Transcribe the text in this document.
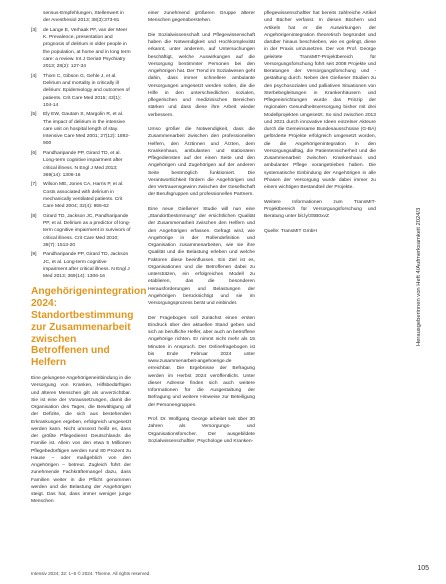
Herausgeberinnen von Heft 4/Aufmerksamkeit 2024/3
sensus-Empfehlungen, Stellenwert in der Anesthesiol 2013; 38(3):373-81
[3]	de Lange E, Verhaak PF, van der Meer K. Prevalence, presentation and prognosis of delirium in older people in the population, at home and in long term care: a review. Int J Geriatr Psychiatry 2013; 28(2): 127-34
[4]	Thom C, Gibson G, Gehle J, et al. Delirium and mortality in critically ill delirium: Epidemiology and outcomes of patients. Crit Care Med 2015; 43(1): 104-14
[5]	Ely EW, Gautam S, Margolin R, et al. The impact of delirium in the intensive care unit on hospital length of stay. Intensive Care Med 2001; 27(12): 1892-900
[6]	Pandharipande PP, Girard TD, et al. Long-term cognitive impairment after critical illness. N Engl J Med 2013; 369(14): 1306-16
[7]	Wilson ME, Jones CA, Harris P, et al. Costs associated with delirium in mechanically ventilated patients. Crit Care Med 2004; 32(4): 955-62
[8]	Girard TD, Jackson JC, Pandharipande PP, et al. Delirium as a predictor of long-term cognitive impairment in survivors of critical illness. Crit Care Med 2010; 38(7): 1513-20
[9]	Pandharipande PP, Girard TD, Jackson JC, et al. Long-term cognitive impairment after critical illness. N Engl J Med 2013; 369(14): 1306-16
Angehörigenintegration 2024: Standortbestimmung zur Zusammenarbeit zwischen Betroffenen und Helfern

Eine gelungene Angehörigeneinbindung in die Versorgung von Kranken, Hilfsbedürftigen und älteren Menschen gilt als unverzichtbar. Sie ist eine der Voraussetzungen, damit die Organisation des Tages, die Bewältigung all der Defizite, die sich aus bestehenden Erkrankungen ergeben, erfolgreich umgesetzt werden kann. Nicht umsonst heißt es, dass der größte Pflegedienst Deutschlands die Familie ist. Allein von den etwa 5 Millionen Pflegebedürftigen werden rund 80 Prozent zu Hause – oder maßgeblich von den Angehörigen – betreut. Zugleich führt der zunehmende Fachkräftemangel dazu, dass Familien weiter in die Pflicht genommen werden und die Belastung der Angehörigen steigt. Das hat, dass immer weniger junge Menschen

einer zunehmend größeren Gruppe älterer Menschen gegenüberstehen.

Die Sozialwissenschaft und Pflegewissenschaft haben die Notwendigkeit und Hochkomplexität erkannt, unter anderem, auf Untersuchungen beschäftigt, welche Auswirkungen auf die Versorgung bestimmter Personen bei den Angehörigen hat. Der Trend im Sozialwesen geht dahin, dass immer schnellere ambulante Versorgungen umgesetzt werden sollen, die die Hilfe in den unterschiedlichen sozialen, pflegerischen und medizinischen Bereichen stärken und dass diese ihre Arbeit wieder verbessern.

Umso größer die Notwendigkeit, dass die Zusammenarbeit zwischen den professionellen Helfern, den Ärztinnen und Ärzten, dem Krankenhaus, ambulanten und stationären Pflegediensten auf der einen Seite und den Angehörigen und Zugehörigen auf der anderen Seite bestmöglich funktioniert. Die Verantwortlichkeit fördern die Angehörigen und den Vertrauensgewinn zwischen der Gesellschaft der Berufsgruppen und professionellen Partnern.

Eine neue Gießener Studie will nun eine „Standortbestimmung“ der ersichtlichen Qualität der Zusammenarbeit zwischen den Helfern und den Angehörigen erfassen. Gefragt wird, wie Angehörige in der Rollendefinition und Organisation zusammenarbeiten, wie sie ihre Qualität und die Belastung erleben und welche Faktoren diese beeinflussen. Ein Ziel ist es, Organisationen und die Betroffenen dabei zu unterstützen, ein erfolgreiches Modell zu etablieren, das die besonderen Herausforderungen und Belastungen der Angehörigen berücksichtigt und sie im Versorgungsprozess berät und einbindet.

Der Fragebogen soll zunächst einen ersten Eindruck über den aktuellen Stand geben und sich an berufliche Helfer, aber auch an betroffene Angehörige richten. Er nimmt nicht mehr als 15 Minuten in Anspruch. Der Onlinefragebogen ist bis Ende Februar 2024 unter www.zusammenarbeit-angehoerige.de erreichbar. Die Ergebnisse der Befragung werden im Herbst 2024 veröffentlicht. Unter dieser Adresse finden sich auch weitere Informationen für die Ausgestaltung der Befragung und weitere Hinweise zur Beteiligung der Personengruppen.

Prof. Dr. Wolfgang George arbeitet seit über 30 Jahren als Versorgungs- und Organisationsforscher. Der ausgebildete Sozialwissenschaftler, Psychologe und Kranken-

pflegewissenschaftler hat bereits zahlreiche Artikel und Bücher verfasst. In diesen Büchern und Artikeln hat er die Auswirkungen der Angehörigenintegration theoretisch begründet und darüber hinaus beschrieben, wie es gelingt, diese in der Praxis umzusetzen. Der von Prof. George geleitete TransMIT-Projektbereich für Versorgungsforschung führt seit 2008 Projekte und Beratungen der Versorgungsforschung und -gestaltung durch. Neben den Gießener Studien zu den psychosozialen und palliativen Situationen von Sterbebegleitungen in Krankenhäusern und Pflegeeinrichtungen wurde das Prinzip der regionalen Gesundheitsversorgung bisher mit drei Modellprojekten umgesetzt. So sind zwischen 2013 und 2021 durch innovative Ideen einzelner Akteure durch die Gemeinsame Bundesausschüsse (G-BA) geförderte Projekte erfolgreich umgesetzt worden, die die Angehörigenintegration in den Versorgungsalltag, die Patientensicherheit und die Zusammenarbeit zwischen Krankenhaus und ambulanter Pflege vorangetrieben haben. Die systematische Einbindung der Angehörigen in alle Phasen der Versorgung wurde dabei immer zu einem wichtigen Bestandteil der Projekte.

Weitere Informationen zum TransMIT-Projektbereich für Versorgungsforschung und Beratung unter bit.ly/3SB0xvZ

Quelle: TransMIT GmbH

Intensiv 2024; 32: 1–5 © 2024. Thieme. All rights reserved.
105
